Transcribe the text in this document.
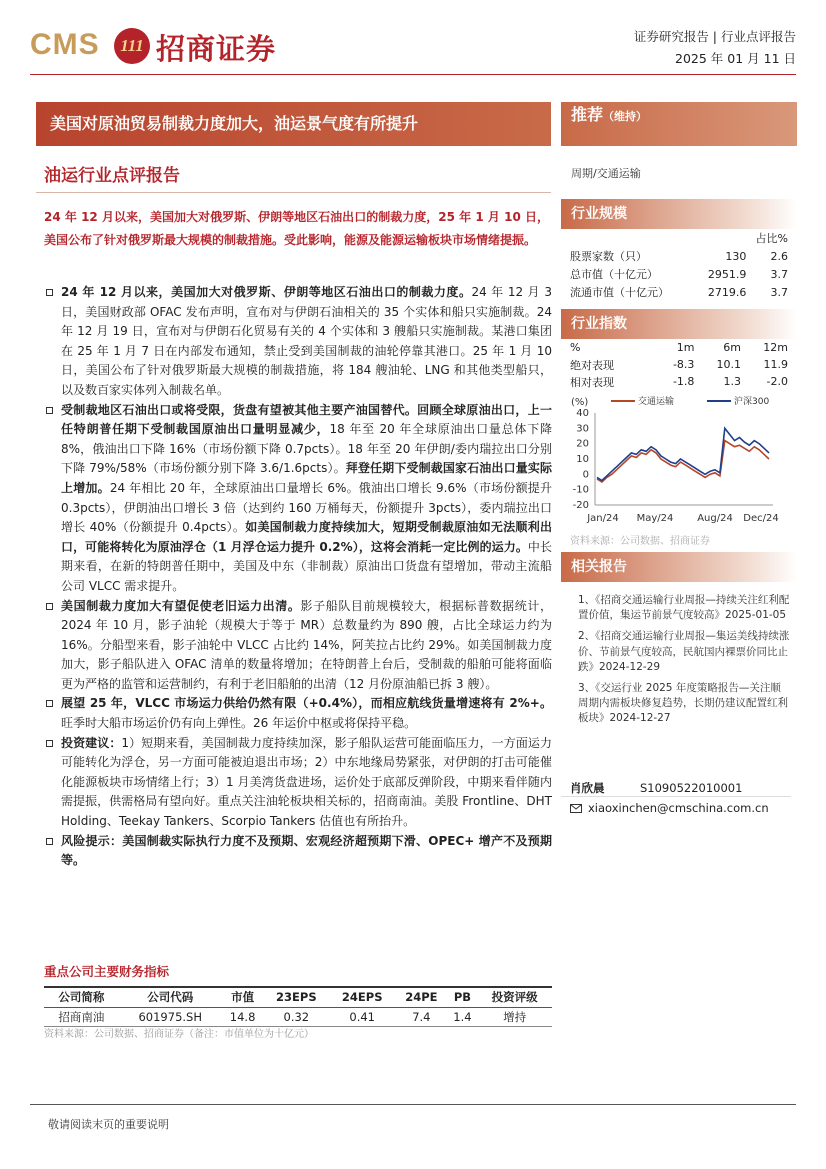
CMS	111 招商证券	证券研究报告 | 行业点评报告
2025 年 01 月 11 日
美国对原油贸易制裁力度加大，油运景气度有所提升	推荐（维持）
油运行业点评报告
24 年 12 月以来，美国加大对俄罗斯、伊朗等地区石油出口的制裁力度，25 年 1 月 10 日，美国公布了针对俄罗斯最大规模的制裁措施。受此影响，能源及能源运输板块市场情绪提振。
24 年 12 月以来，美国加大对俄罗斯、伊朗等地区石油出口的制裁力度。24 年 12 月 3 日，美国财政部 OFAC 发布声明，宣布对与伊朗石油相关的 35 个实体和船只实施制裁。24 年 12 月 19 日，宣布对与伊朗石化贸易有关的 4 个实体和 3 艘船只实施制裁。某港口集团在 25 年 1 月 7 日在内部发布通知，禁止受到美国制裁的油轮停靠其港口。25 年 1 月 10 日，美国公布了针对俄罗斯最大规模的制裁措施，将 184 艘油轮、LNG 和其他类型船只，以及数百家实体列入制裁名单。
受制裁地区石油出口或将受限，货盘有望被其他主要产油国替代。回顾全球原油出口，上一任特朗普任期下受制裁国原油出口量明显减少，18 年至 20 年全球原油出口量总体下降 8%，俄油出口下降 16%（市场份额下降 0.7pcts）。18 年至 20 年伊朗/委内瑞拉出口分别下降 79%/58%（市场份额分别下降 3.6/1.6pcts）。拜登任期下受制裁国家石油出口量实际上增加。24 年相比 20 年，全球原油出口量增长 6%。俄油出口增长 9.6%（市场份额提升 0.3pcts），伊朗油出口增长 3 倍（达到约 160 万桶每天，份额提升 3pcts），委内瑞拉出口增长 40%（份额提升 0.4pcts）。如美国制裁力度持续加大，短期受制裁原油如无法顺利出口，可能将转化为原油浮仓（1 月浮仓运力提升 0.2%），这将会消耗一定比例的运力。中长期来看，在新的特朗普任期中，美国及中东（非制裁）原油出口货盘有望增加，带动主流船公司 VLCC 需求提升。
美国制裁力度加大有望促使老旧运力出清。影子船队目前规模较大，根据标普数据统计，2024 年 10 月，影子油轮（规模大于等于 MR）总数量约为 890 艘，占比全球运力约为 16%。分船型来看，影子油轮中 VLCC 占比约 14%，阿芙拉占比约 29%。如美国制裁力度加大，影子船队进入 OFAC 清单的数量将增加；在特朗普上台后，受制裁的船舶可能将面临更为严格的监管和运营制约，有利于老旧船舶的出清（12 月份原油船已拆 3 艘）。
展望 25 年，VLCC 市场运力供给仍然有限（+0.4%），而相应航线货量增速将有 2%+。旺季时大船市场运价仍有向上弹性。26 年运价中枢或将保持平稳。
投资建议：1）短期来看，美国制裁力度持续加深，影子船队运营可能面临压力，一方面运力可能转化为浮仓，另一方面可能被迫退出市场；2）中东地缘局势紧张，对伊朗的打击可能催化能源板块市场情绪上行；3）1 月美湾货盘进场，运价处于底部反弹阶段，中期来看伴随内需提振，供需格局有望向好。重点关注油轮板块相关标的，招商南油。美股 Frontline、DHT Holding、Teekay Tankers、Scorpio Tankers 估值也有所抬升。
风险提示：美国制裁实际执行力度不及预期、宏观经济超预期下滑、OPEC+ 增产不及预期等。
重点公司主要财务指标
公司简称	公司代码	市值	23EPS	24EPS	24PE	PB	投资评级
招商南油	601975.SH	14.8	0.32	0.41	7.4	1.4	增持
资料来源：公司数据、招商证券（备注：市值单位为十亿元）
周期/交通运输
行业规模
		占比%
股票家数（只）	130	2.6
总市值（十亿元）	2951.9	3.7
流通市值（十亿元）	2719.6	3.7
行业指数
%	1m	6m	12m
绝对表现	-8.3	10.1	11.9
相对表现	-1.8	1.3	-2.0
(%)	交通运输	沪深300
40
30
20
10
0
-10
-20
Jan/24 May/24 Aug/24 Dec/24
资料来源：公司数据、招商证券
相关报告
1、《招商交通运输行业周报—持续关注红利配置价值，集运节前景气度较高》2025-01-05
2、《招商交通运输行业周报—集运美线持续涨价、节前景气度较高，民航国内裸票价同比止跌》2024-12-29
3、《交运行业 2025 年度策略报告—关注顺周期内需板块修复趋势，长期仍建议配置红利板块》2024-12-27
肖欣晨	S1090522010001
xiaoxinchen@cmschina.com.cn
敬请阅读末页的重要说明
